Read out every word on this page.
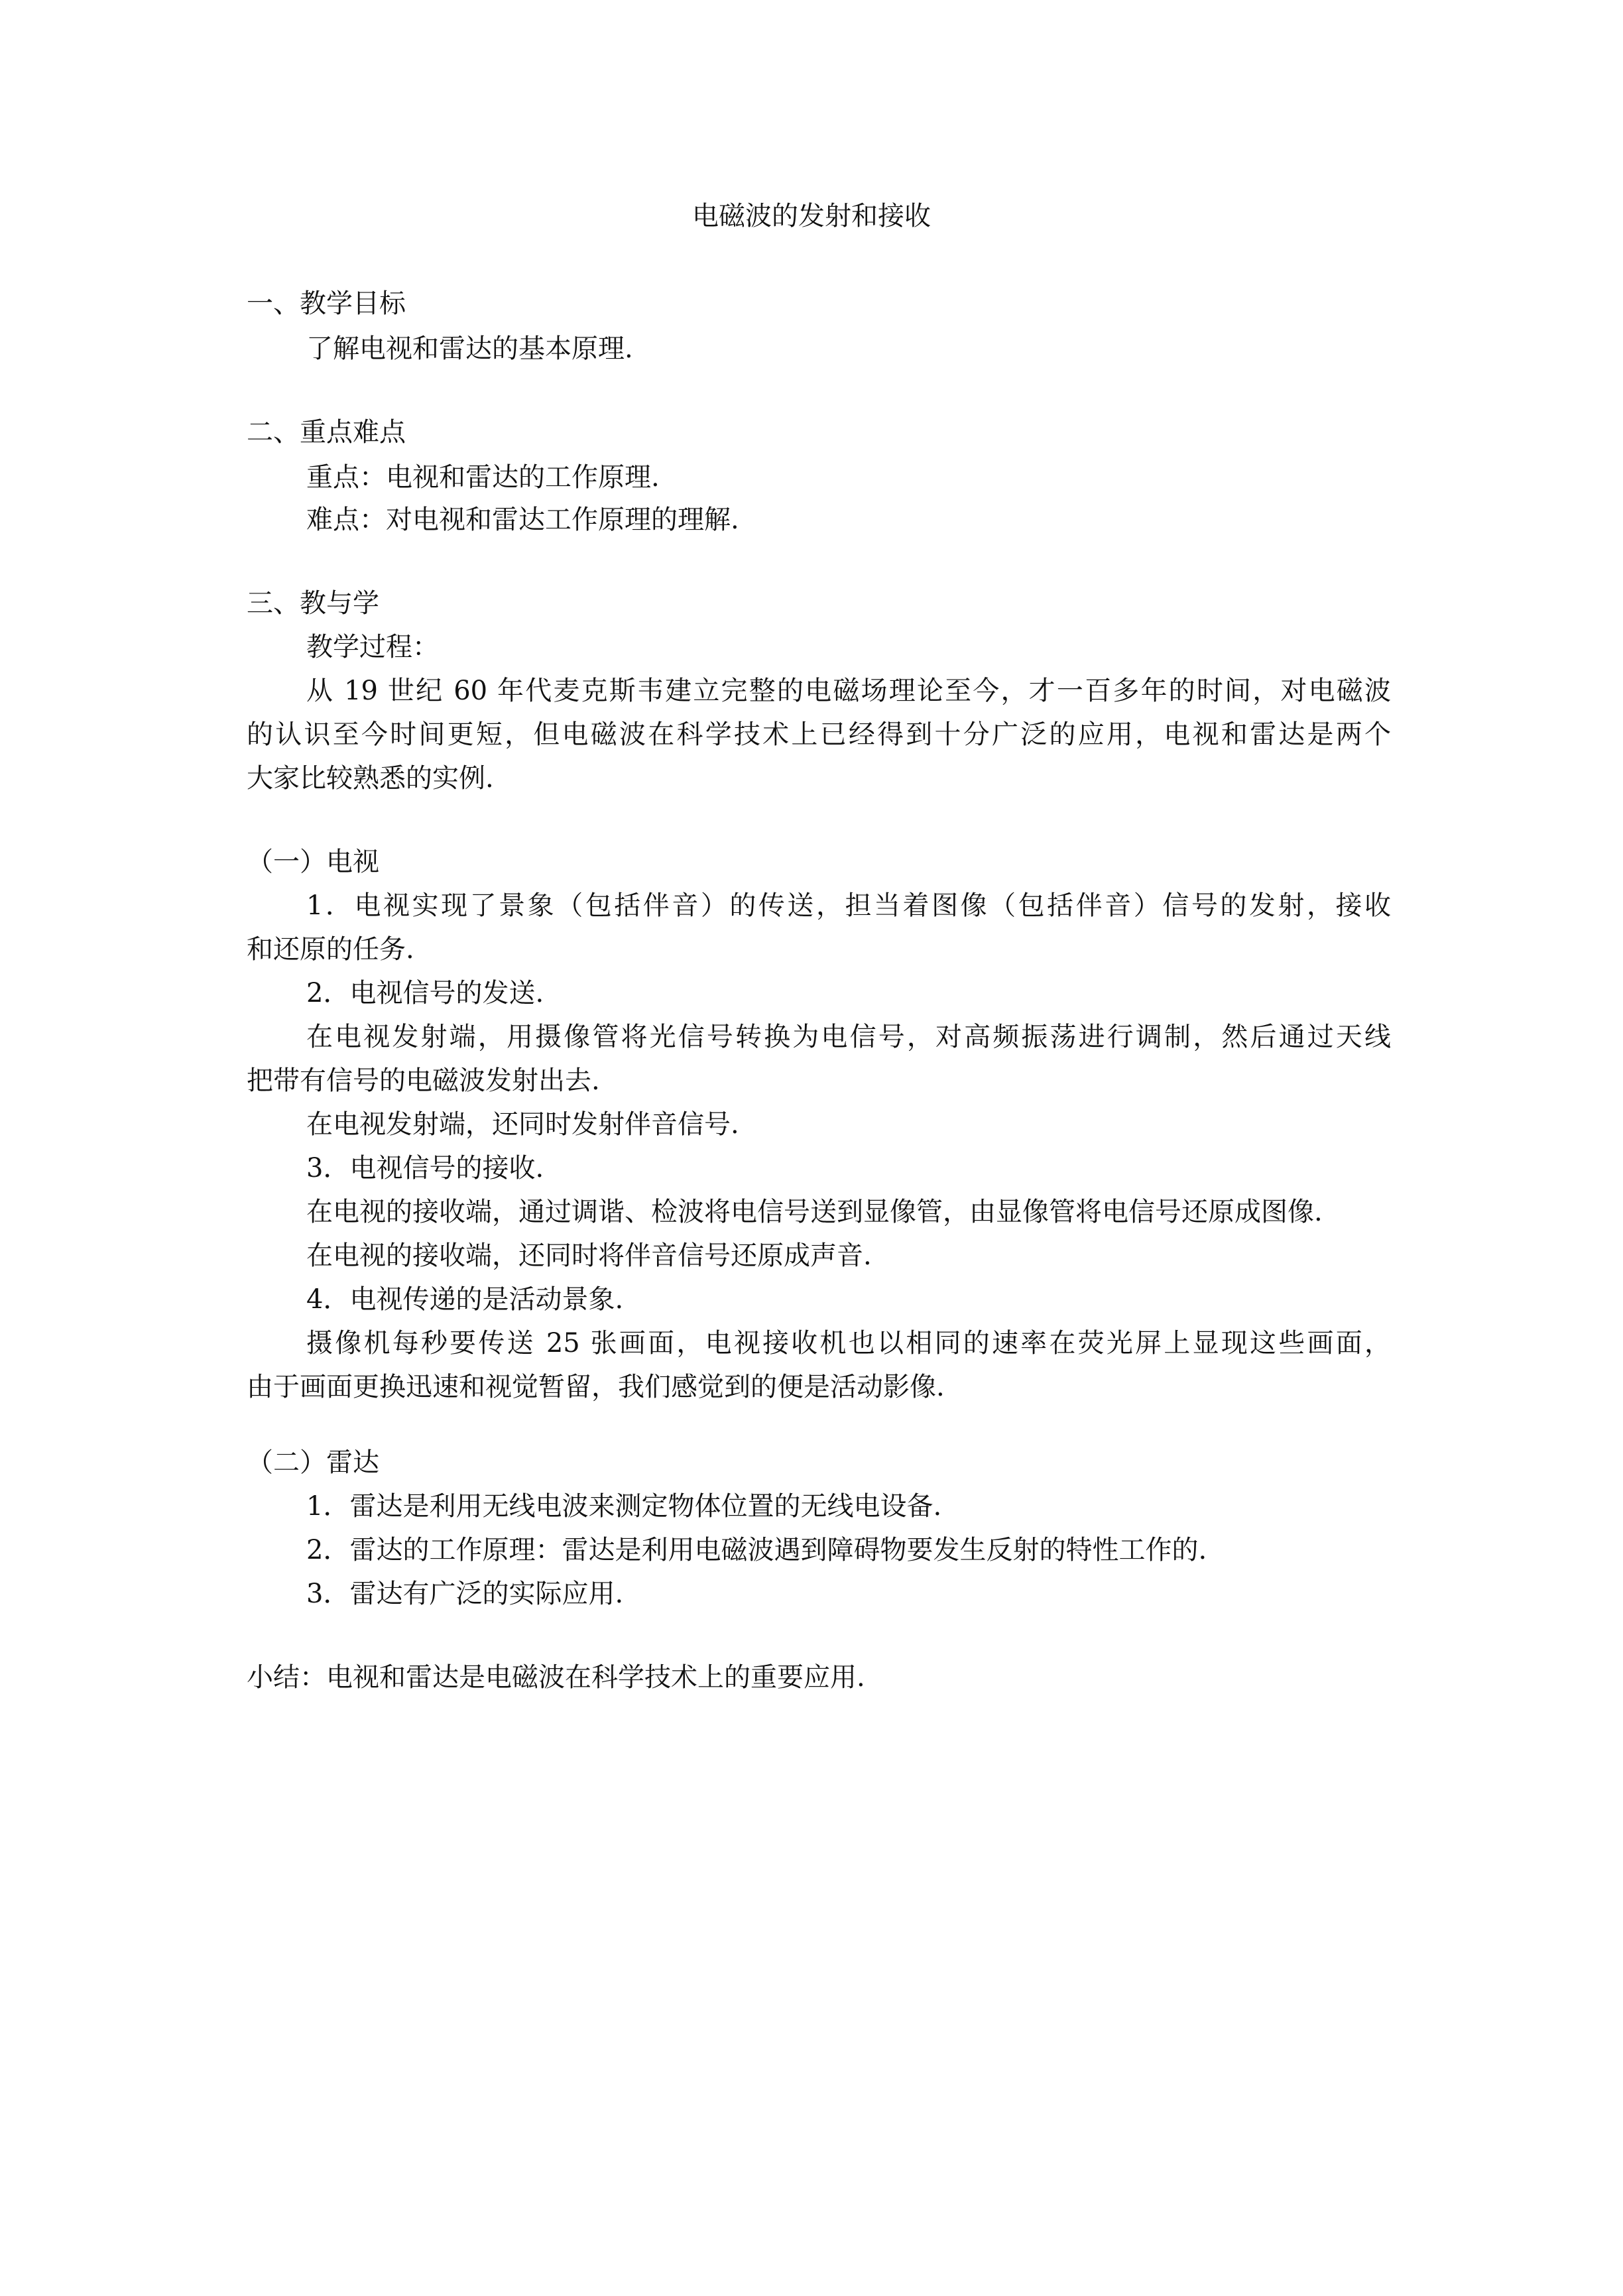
电磁波的发射和接收
一、教学目标
了解电视和雷达的基本原理.
二、重点难点
重点：电视和雷达的工作原理.
难点：对电视和雷达工作原理的理解.
三、教与学
教学过程：
从 19 世纪 60 年代麦克斯韦建立完整的电磁场理论至今，才一百多年的时间，对电磁波
的认识至今时间更短，但电磁波在科学技术上已经得到十分广泛的应用，电视和雷达是两个
大家比较熟悉的实例.
（一）电视
1．电视实现了景象（包括伴音）的传送，担当着图像（包括伴音）信号的发射，接收
和还原的任务.
2．电视信号的发送.
在电视发射端，用摄像管将光信号转换为电信号，对高频振荡进行调制，然后通过天线
把带有信号的电磁波发射出去.
在电视发射端，还同时发射伴音信号.
3．电视信号的接收.
在电视的接收端，通过调谐、检波将电信号送到显像管，由显像管将电信号还原成图像.
在电视的接收端，还同时将伴音信号还原成声音.
4．电视传递的是活动景象.
摄像机每秒要传送 25 张画面，电视接收机也以相同的速率在荧光屏上显现这些画面，
由于画面更换迅速和视觉暂留，我们感觉到的便是活动影像.
（二）雷达
1．雷达是利用无线电波来测定物体位置的无线电设备.
2．雷达的工作原理：雷达是利用电磁波遇到障碍物要发生反射的特性工作的.
3．雷达有广泛的实际应用.
小结：电视和雷达是电磁波在科学技术上的重要应用.
